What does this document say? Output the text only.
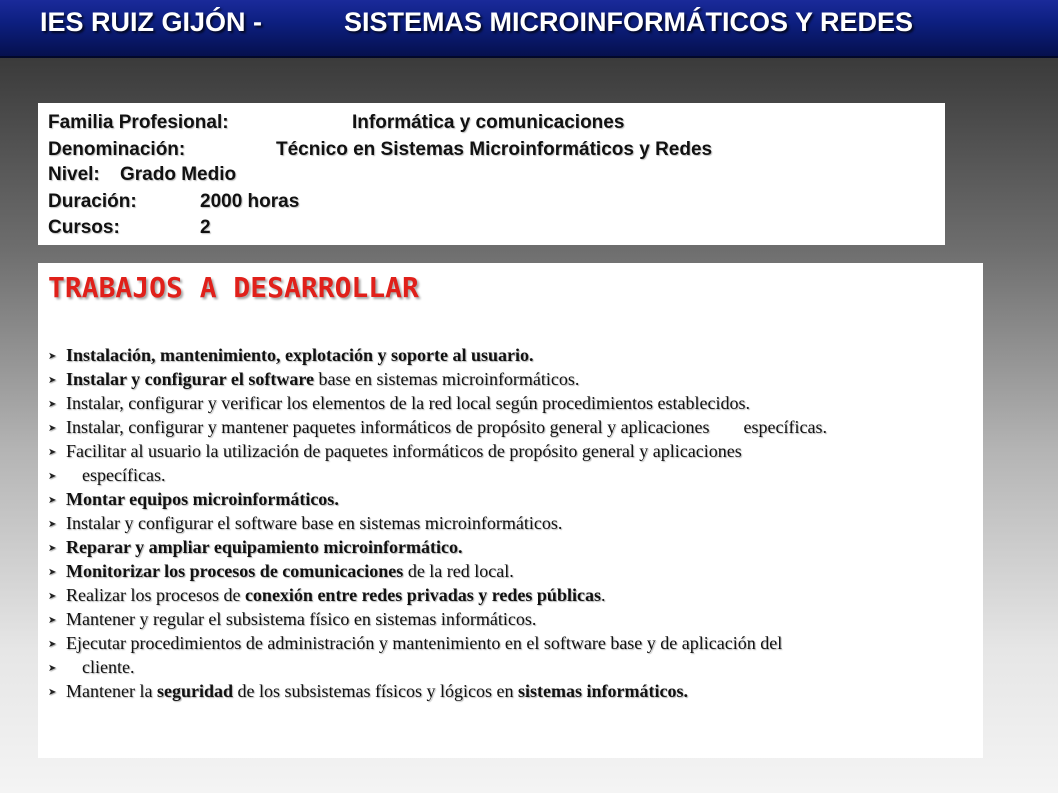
IES RUIZ GIJÓN -	SISTEMAS MICROINFORMÁTICOS Y REDES
Familia Profesional:	Informática y comunicaciones
Denominación:	Técnico en Sistemas Microinformáticos y Redes
Nivel: Grado Medio
Duración:	2000 horas
Cursos:	2
TRABAJOS A DESARROLLAR
➤ Instalación, mantenimiento, explotación y soporte al usuario.
➤ Instalar y configurar el software base en sistemas microinformáticos.
➤ Instalar, configurar y verificar los elementos de la red local según procedimientos establecidos.
➤ Instalar, configurar y mantener paquetes informáticos de propósito general y aplicaciones específicas.
➤ Facilitar al usuario la utilización de paquetes informáticos de propósito general y aplicaciones
➤ específicas.
➤ Montar equipos microinformáticos.
➤ Instalar y configurar el software base en sistemas microinformáticos.
➤ Reparar y ampliar equipamiento microinformático.
➤ Monitorizar los procesos de comunicaciones de la red local.
➤ Realizar los procesos de conexión entre redes privadas y redes públicas.
➤ Mantener y regular el subsistema físico en sistemas informáticos.
➤ Ejecutar procedimientos de administración y mantenimiento en el software base y de aplicación del
➤ cliente.
➤ Mantener la seguridad de los subsistemas físicos y lógicos en sistemas informáticos.
